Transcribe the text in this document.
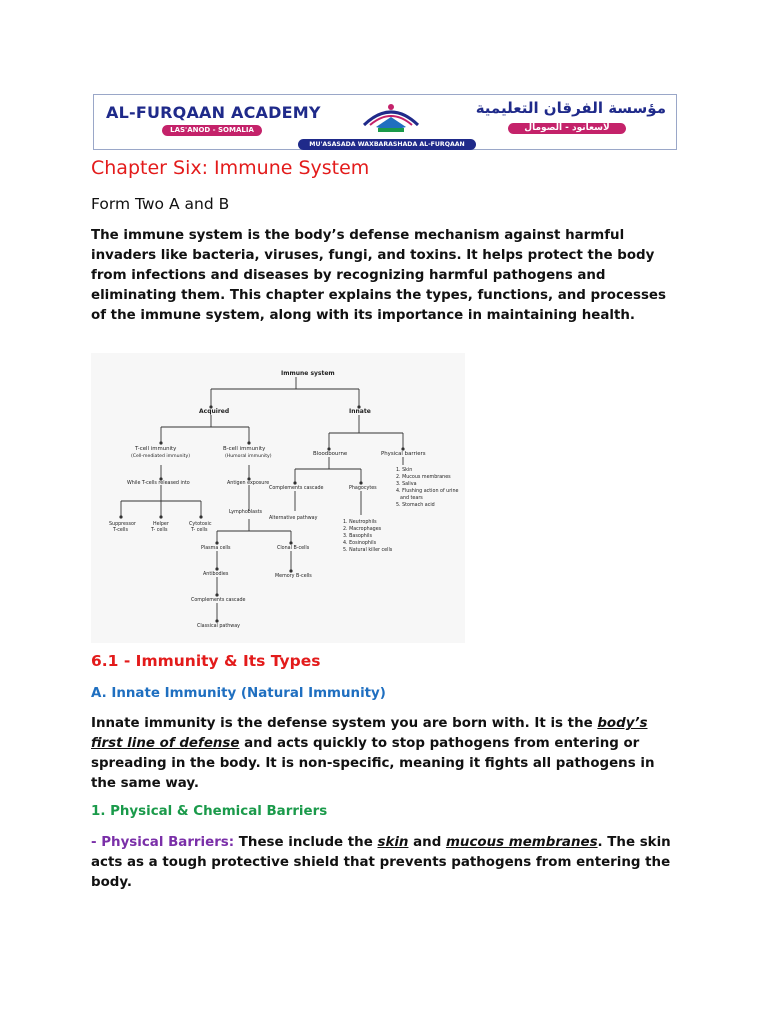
AL-FURQAAN ACADEMY
LAS'ANOD - SOMALIA
مؤسسة الفرقان التعليمية
لاسعانود - الصومال
MU'ASASADA WAXBARASHADA AL-FURQAAN
Chapter Six: Immune System
Form Two A and B

The immune system is the body’s defense mechanism against harmful invaders like bacteria, viruses, fungi, and toxins. It helps protect the body from infections and diseases by recognizing harmful pathogens and eliminating them. This chapter explains the types, functions, and processes of the immune system, along with its importance in maintaining health.

Immune system
Acquired	Innate
T-cell immunity
(Cell-mediated immunity)
B-cell immunity
(Humoral immunity)	Bloodbourne	Physical barriers
While T-cells released into	Antigen exposure
Complements cascade	Phagocytes
1. Skin
2. Mucous membranes
3. Saliva
4. Flushing action of urine
and tears
5. Stomach acid
Lymphoblasts
Alternative pathway
1. Neutrophils
2. Macrophages
3. Basophils
4. Eosinophils
5. Natural killer cells
Suppressor
T-cells
Helper
T- cells
Cytotoxic
T- cells
Plasma cells	Clonal B-cells
Antibodies	Memory B-cells
Complements cascade
Classical pathway
6.1 - Immunity & Its Types
A. Innate Immunity (Natural Immunity)

Innate immunity is the defense system you are born with. It is the body’s first line of defense and acts quickly to stop pathogens from entering or spreading in the body. It is non-specific, meaning it fights all pathogens in the same way.

1. Physical & Chemical Barriers

- Physical Barriers: These include the skin and mucous membranes. The skin acts as a tough protective shield that prevents pathogens from entering the body.
